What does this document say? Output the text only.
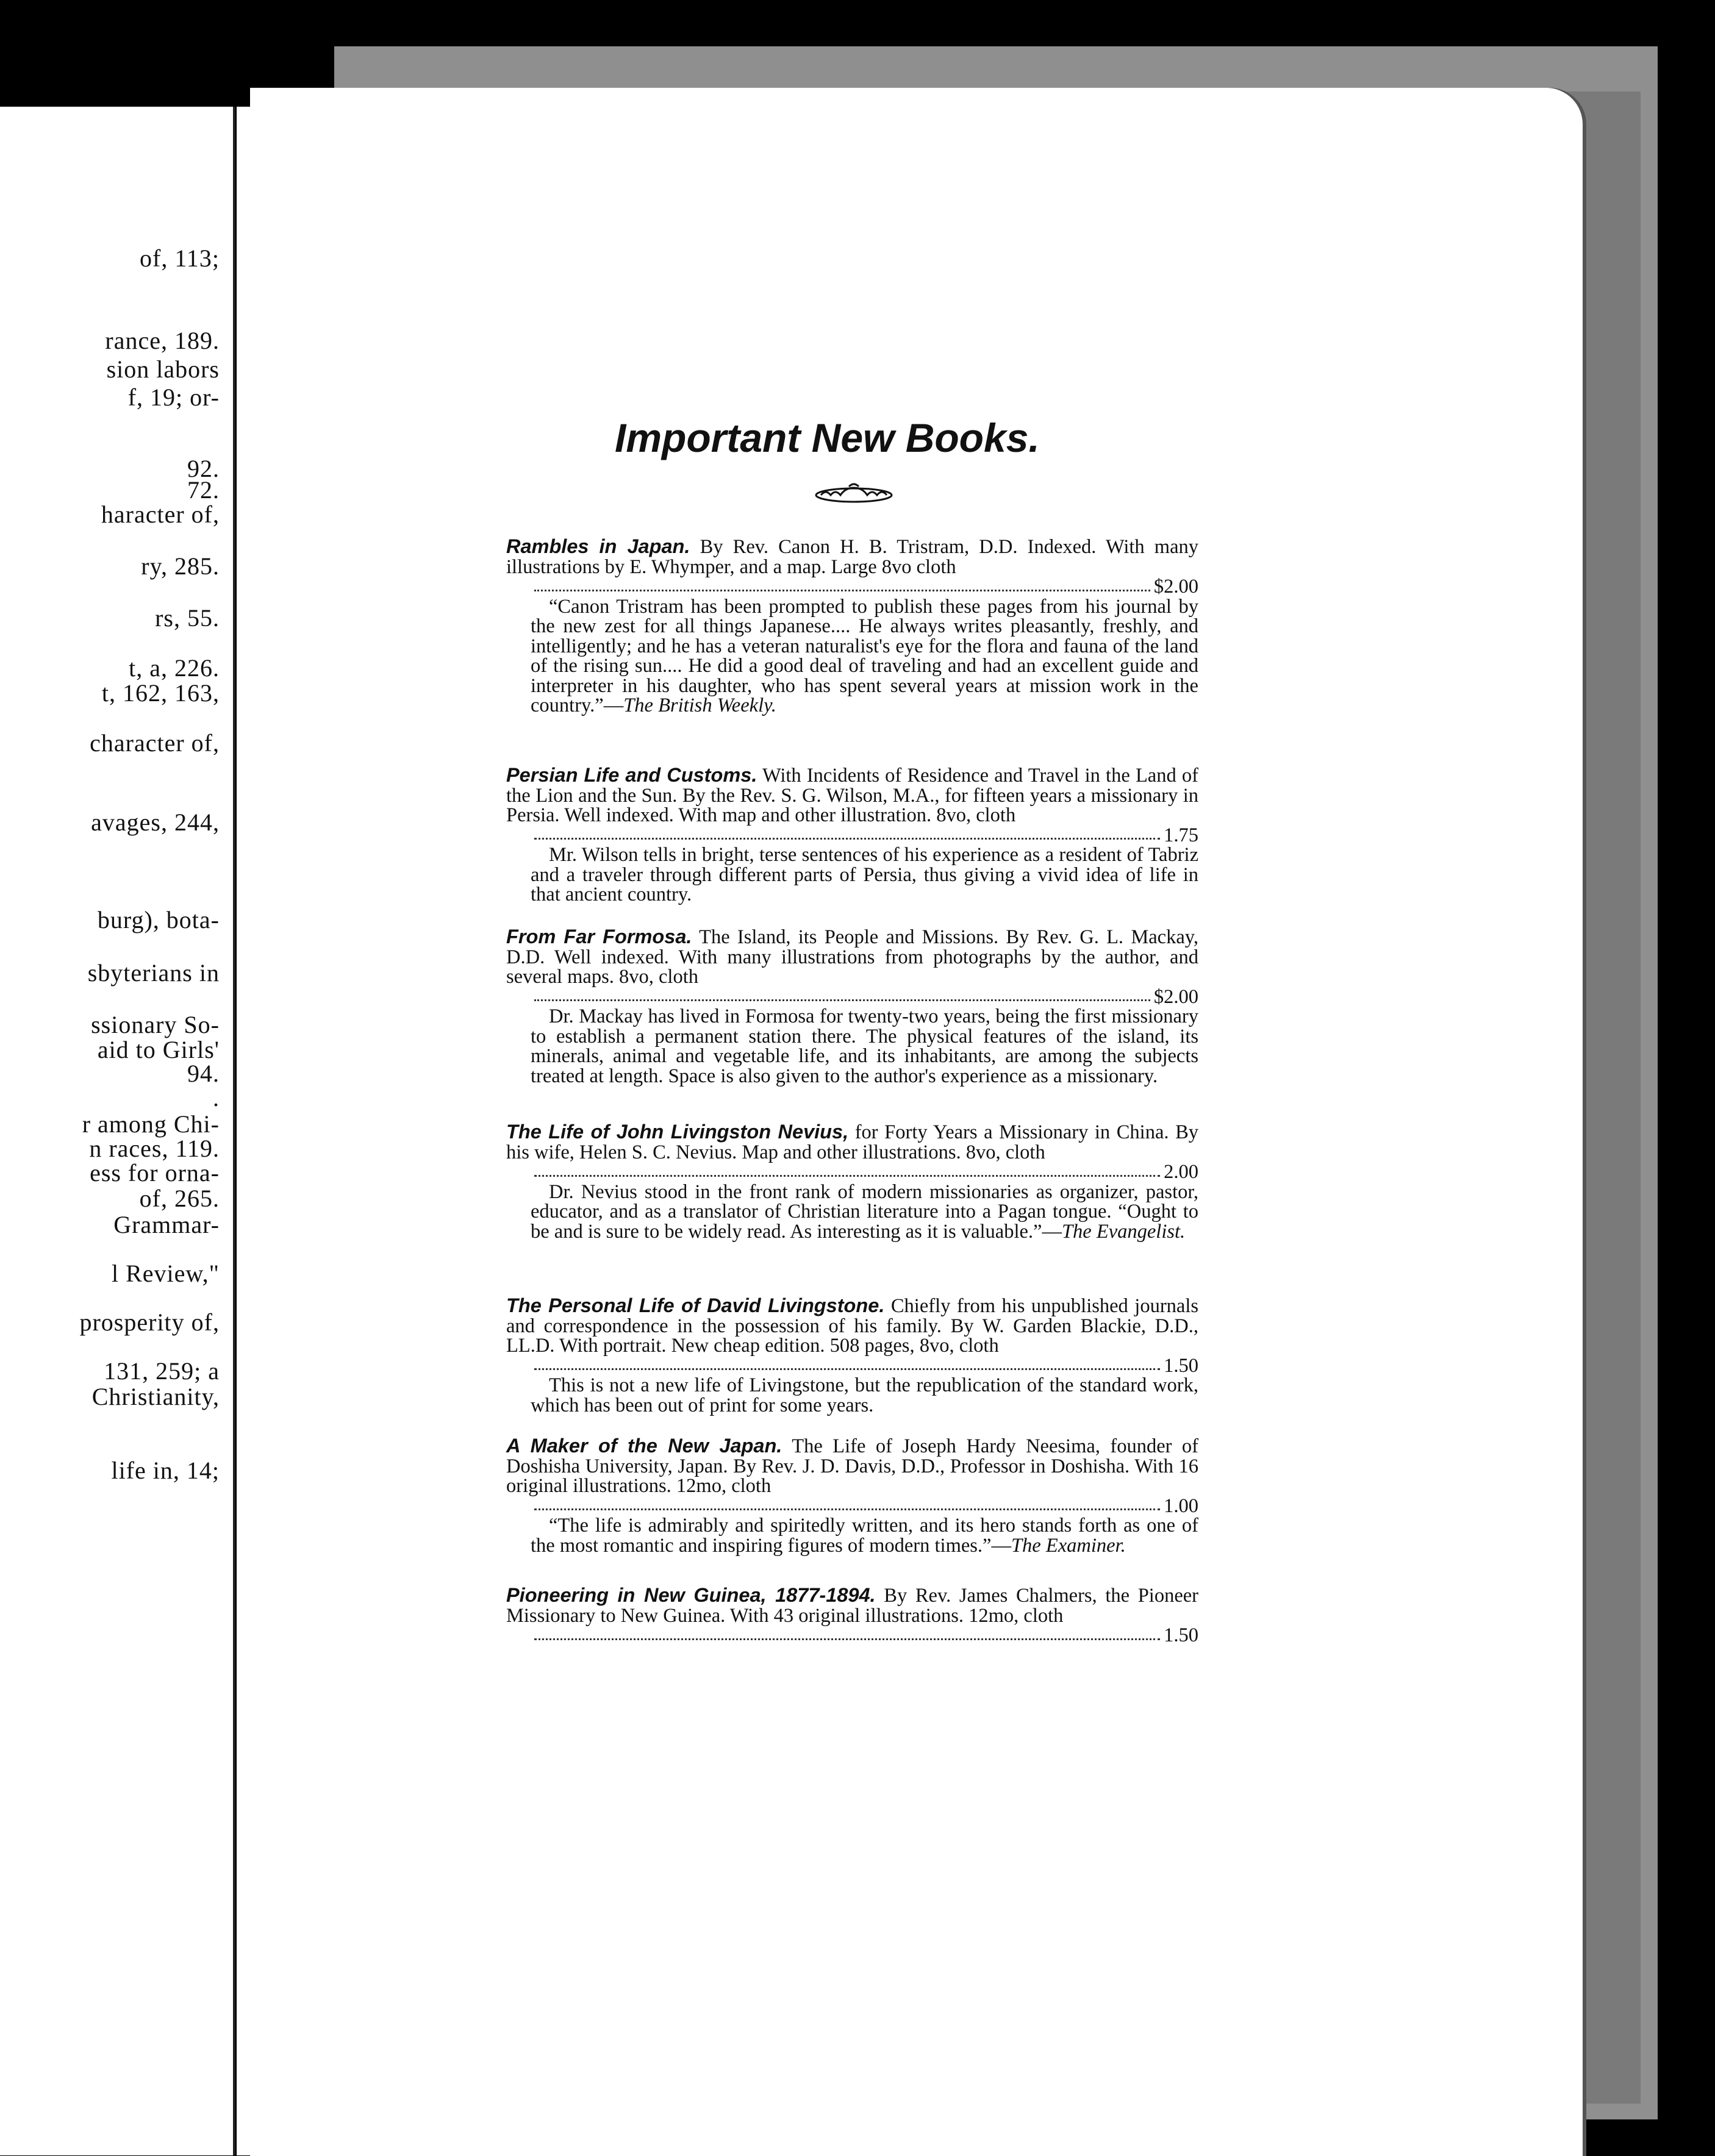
of, 113;
rance, 189.
sion labors
f, 19; or-
92.
72.
haracter of,
ry, 285.
rs, 55.
t, a, 226.
t, 162, 163,
character of,
avages, 244,
burg), bota-
sbyterians in
ssionary So-
aid to Girls'
94.
.
r among Chi-
n races, 119.
ess for orna-
of, 265.
Grammar-
l Review,"
prosperity of,
131, 259; a
Christianity,
life in, 14;
Important New Books.

Rambles in Japan. By Rev. Canon H. B. Tristram, D.D. Indexed. With many illustrations by E. Whymper, and a map. Large 8vo cloth

$2.00

“Canon Tristram has been prompted to publish these pages from his journal by the new zest for all things Japanese.... He always writes pleasantly, freshly, and intelligently; and he has a veteran naturalist's eye for the flora and fauna of the land of the rising sun.... He did a good deal of traveling and had an excellent guide and interpreter in his daughter, who has spent several years at mission work in the country.”—The British Weekly.

Persian Life and Customs. With Incidents of Residence and Travel in the Land of the Lion and the Sun. By the Rev. S. G. Wilson, M.A., for fifteen years a missionary in Persia. Well indexed. With map and other illustration. 8vo, cloth

1.75

Mr. Wilson tells in bright, terse sentences of his experience as a resident of Tabriz and a traveler through different parts of Persia, thus giving a vivid idea of life in that ancient country.

From Far Formosa. The Island, its People and Missions. By Rev. G. L. Mackay, D.D. Well indexed. With many illustrations from photographs by the author, and several maps. 8vo, cloth

$2.00

Dr. Mackay has lived in Formosa for twenty-two years, being the first missionary to establish a permanent station there. The physical features of the island, its minerals, animal and vegetable life, and its inhabitants, are among the subjects treated at length. Space is also given to the author's experience as a missionary.

The Life of John Livingston Nevius, for Forty Years a Missionary in China. By his wife, Helen S. C. Nevius. Map and other illustrations. 8vo, cloth

2.00

Dr. Nevius stood in the front rank of modern missionaries as organizer, pastor, educator, and as a translator of Christian literature into a Pagan tongue. “Ought to be and is sure to be widely read. As interesting as it is valuable.”—The Evangelist.

The Personal Life of David Livingstone. Chiefly from his unpublished journals and correspondence in the possession of his family. By W. Garden Blackie, D.D., LL.D. With portrait. New cheap edition. 508 pages, 8vo, cloth

1.50

This is not a new life of Livingstone, but the republication of the standard work, which has been out of print for some years.

A Maker of the New Japan. The Life of Joseph Hardy Neesima, founder of Doshisha University, Japan. By Rev. J. D. Davis, D.D., Professor in Doshisha. With 16 original illustrations. 12mo, cloth

1.00

“The life is admirably and spiritedly written, and its hero stands forth as one of the most romantic and inspiring figures of modern times.”—The Examiner.

Pioneering in New Guinea, 1877-1894. By Rev. James Chalmers, the Pioneer Missionary to New Guinea. With 43 original illustrations. 12mo, cloth

1.50
